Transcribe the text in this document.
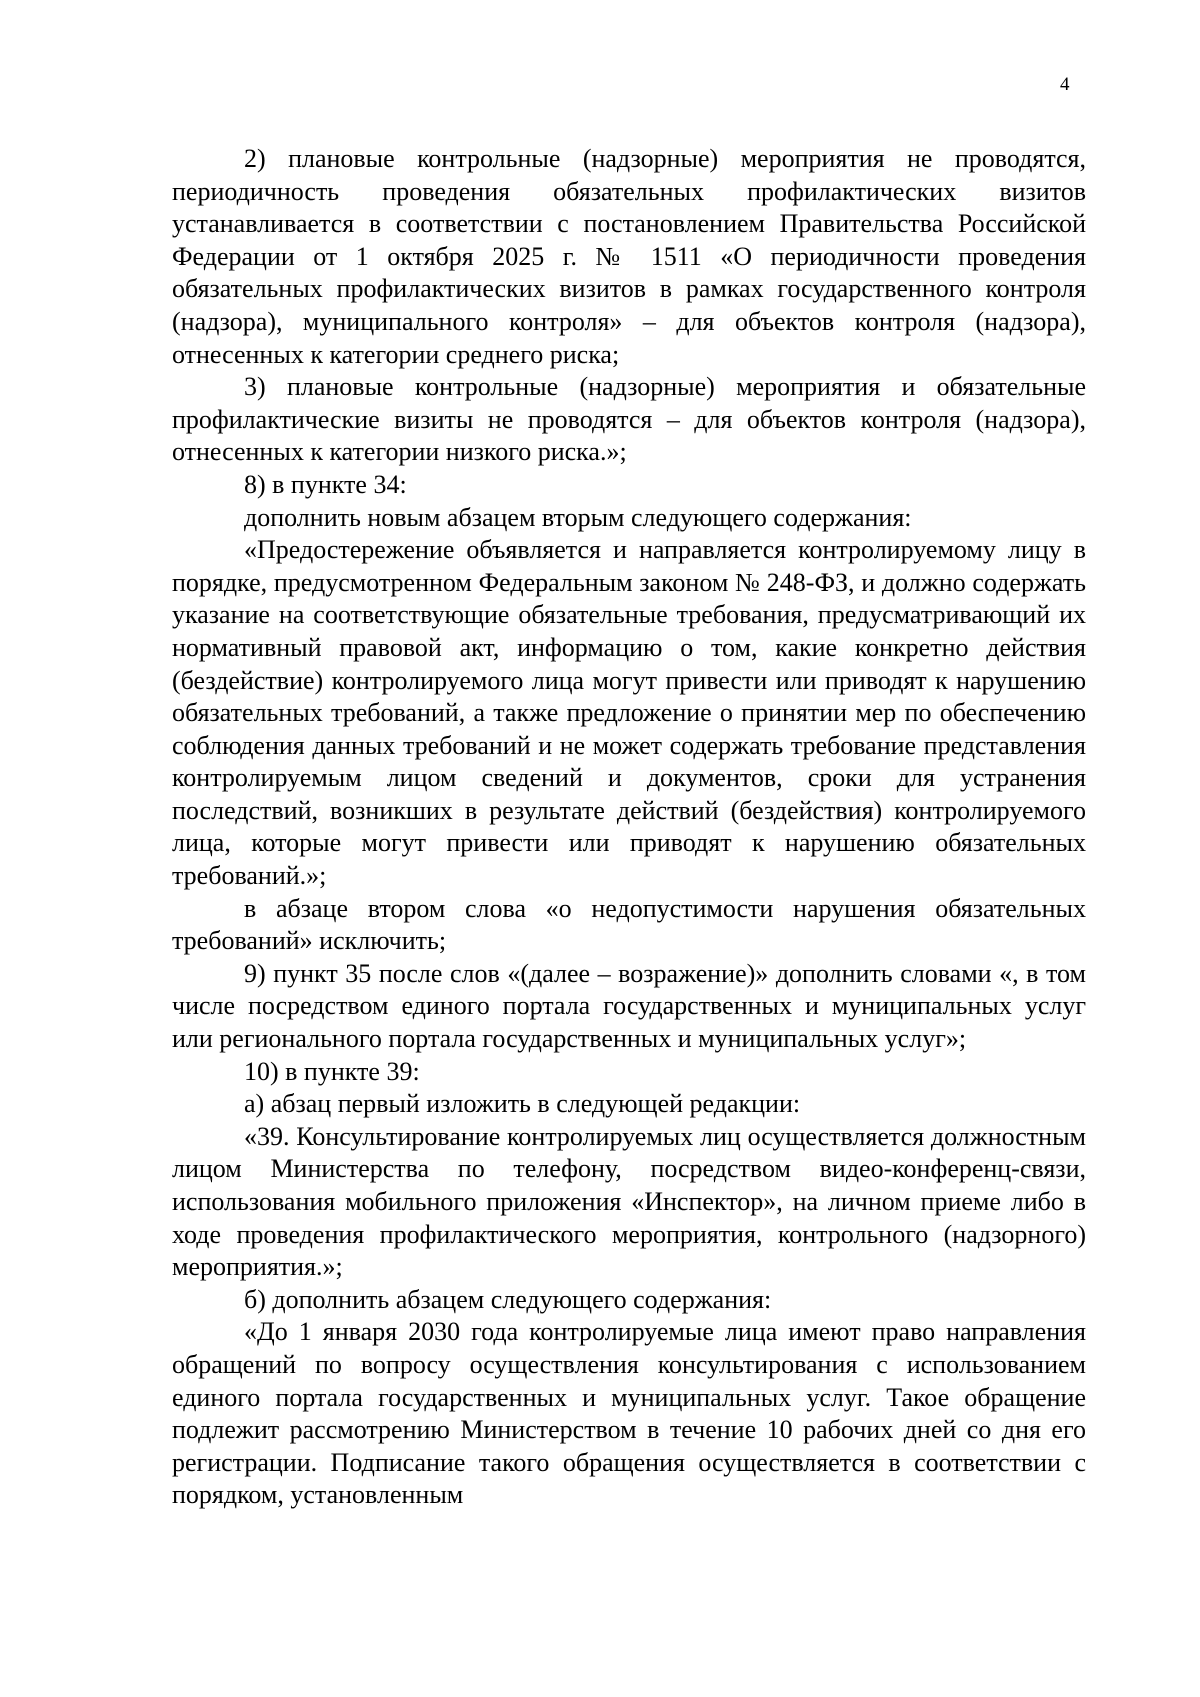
4

2) плановые контрольные (надзорные) мероприятия не проводятся, периодичность проведения обязательных профилактических визитов устанавливается в соответствии с постановлением Правительства Российской Федерации от 1 октября 2025 г. № 1511 «О периодичности проведения обязательных профилактических визитов в рамках государственного контроля (надзора), муниципального контроля» – для объектов контроля (надзора), отнесенных к категории среднего риска;

3) плановые контрольные (надзорные) мероприятия и обязательные профилактические визиты не проводятся – для объектов контроля (надзора), отнесенных к категории низкого риска.»;

8) в пункте 34:

дополнить новым абзацем вторым следующего содержания:

«Предостережение объявляется и направляется контролируемому лицу в порядке, предусмотренном Федеральным законом № 248-ФЗ, и должно содержать указание на соответствующие обязательные требования, предусматривающий их нормативный правовой акт, информацию о том, какие конкретно действия (бездействие) контролируемого лица могут привести или приводят к нарушению обязательных требований, а также предложение о принятии мер по обеспечению соблюдения данных требований и не может содержать требование представления контролируемым лицом сведений и документов, сроки для устранения последствий, возникших в результате действий (бездействия) контролируемого лица, которые могут привести или приводят к нарушению обязательных требований.»;

в абзаце втором слова «о недопустимости нарушения обязательных требований» исключить;

9) пункт 35 после слов «(далее – возражение)» дополнить словами «, в том числе посредством единого портала государственных и муниципальных услуг или регионального портала государственных и муниципальных услуг»;

10) в пункте 39:

а) абзац первый изложить в следующей редакции:

«39. Консультирование контролируемых лиц осуществляется должностным лицом Министерства по телефону, посредством видео-конференц-связи, использования мобильного приложения «Инспектор», на личном приеме либо в ходе проведения профилактического мероприятия, контрольного (надзорного) мероприятия.»;

б) дополнить абзацем следующего содержания:

«До 1 января 2030 года контролируемые лица имеют право направления обращений по вопросу осуществления консультирования с использованием единого портала государственных и муниципальных услуг. Такое обращение подлежит рассмотрению Министерством в течение 10 рабочих дней со дня его регистрации. Подписание такого обращения осуществляется в соответствии с порядком, установленным
